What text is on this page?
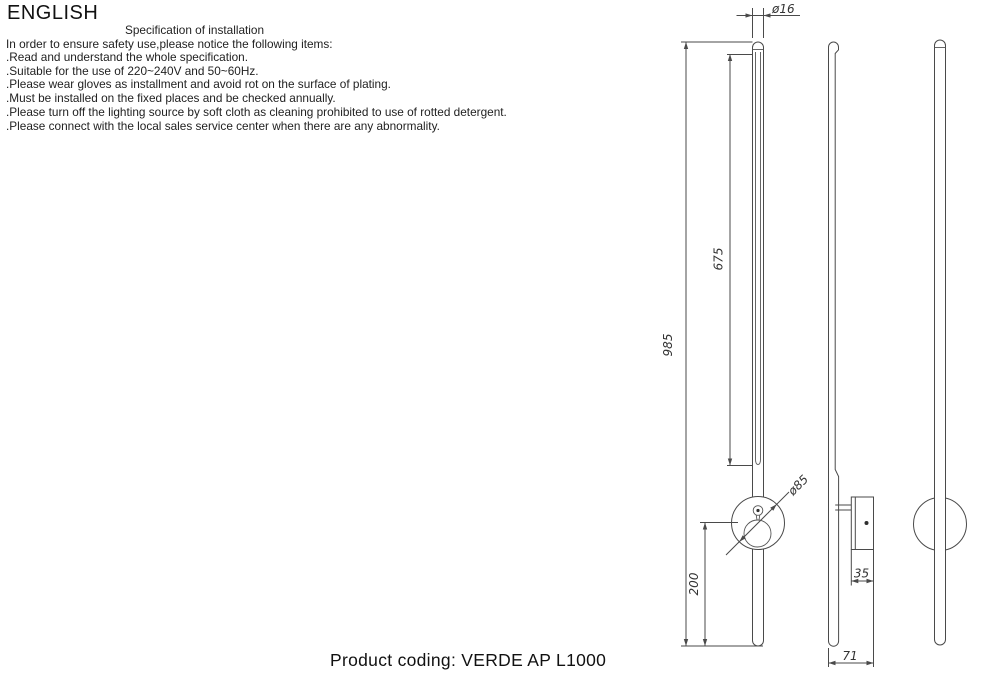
ENGLISH
Specification of installation
In order to ensure safety use,please notice the following items:
.Read and understand the whole specification.
.Suitable for the use of 220~240V and 50~60Hz.
.Please wear gloves as installment and avoid rot on the surface of plating.
.Must be installed on the fixed places and be checked annually.
.Please turn off the lighting source by soft cloth as cleaning prohibited to use of rotted detergent.
.Please connect with the local sales service center when there are any abnormality.
ø16
985
675
200
ø85
35
71
Product coding: VERDE AP L1000
